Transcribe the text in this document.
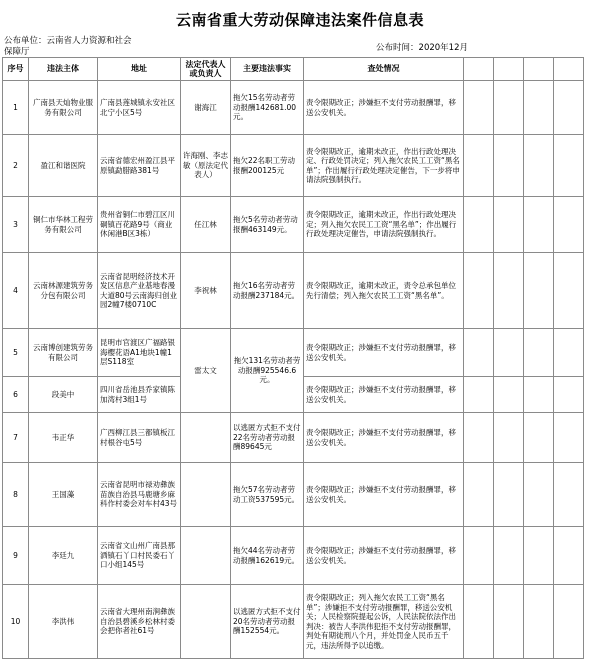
云南省重大劳动保障违法案件信息表
公布单位：云南省人力资源和社会保障厅	公布时间：2020年12月
序号	违法主体	地址	法定代表人或负责人	主要违法事实	查处情况				
1	广南县天灿物业服务有限公司	广南县莲城镇永安社区北宁小区5号	谢海江	拖欠15名劳动者劳动报酬142681.00元。	责令限期改正；涉嫌拒不支付劳动报酬罪，移送公安机关。				
2	盈江和谐医院	云南省德宏州盈江县平原镇勐腊路381号	许海刚、李志敏（原法定代表人）	拖欠22名职工劳动报酬200125元	责令限期改正，逾期未改正，作出行政处理决定、行政处罚决定；列入拖欠农民工工资“黑名单”；作出履行行政处理决定催告，下一步将申请法院强制执行。				
3	铜仁市华林工程劳务有限公司	贵州省铜仁市碧江区川硐镇百花路9号（商业休闲港B区3栋）	任江林	拖欠5名劳动者劳动报酬463149元。	责令限期改正，逾期未改正，作出行政处理决定；列入拖欠农民工工资“黑名单”；作出履行行政处理决定催告，申请法院强制执行。				
4	云南林源建筑劳务分包有限公司	云南省昆明经济技术开发区信息产业基地春漫大道80号云南海归创业园2幢7楼0710C	李祝林	拖欠16名劳动者劳动报酬237184元。	责令限期改正，逾期未改正，责令总承包单位先行清偿；列入拖欠农民工工资“黑名单”。				
5	云南博创建筑劳务有限公司	昆明市官渡区广福路银海樱花语A1地块1幢1层S118室	雷太文	拖欠131名劳动者劳动报酬925546.6元。	责令限期改正；涉嫌拒不支付劳动报酬罪，移送公安机关。				
6	段美中	四川省岳池县乔家镇陈加湾村3组1号			责令限期改正；涉嫌拒不支付劳动报酬罪，移送公安机关。				
7	韦正华	广西柳江县三都镇板江村根谷屯5号		以逃匿方式拒不支付22名劳动者劳动报酬89645元	责令限期改正；涉嫌拒不支付劳动报酬罪，移送公安机关。				
8	王国藻	云南省昆明市禄劝彝族苗族自治县马鹿塘乡麻科作村委会对车村43号		拖欠57名劳动者劳动工资537595元。	责令限期改正；涉嫌拒不支付劳动报酬罪，移送公安机关。				
9	李廷九	云南省文山州广南县那洒镇石丫口村民委石丫口小组145号		拖欠44名劳动者劳动报酬162619元。	责令限期改正；涉嫌拒不支付劳动报酬罪，移送公安机关。				
10	李洪伟	云南省大理州南涧彝族自治县碧溪乡松林村委会把你者社61号		以逃匿方式拒不支付20名劳动者劳动报酬152554元。	责令限期改正；列入拖欠农民工工资“黑名单”；涉嫌拒不支付劳动报酬罪，移送公安机关；人民检察院提起公诉，人民法院依法作出判决：被告人李洪伟犯拒不支付劳动报酬罪，判处有期徒刑八个月，并处罚金人民币五千元，违法所得予以追缴。				
